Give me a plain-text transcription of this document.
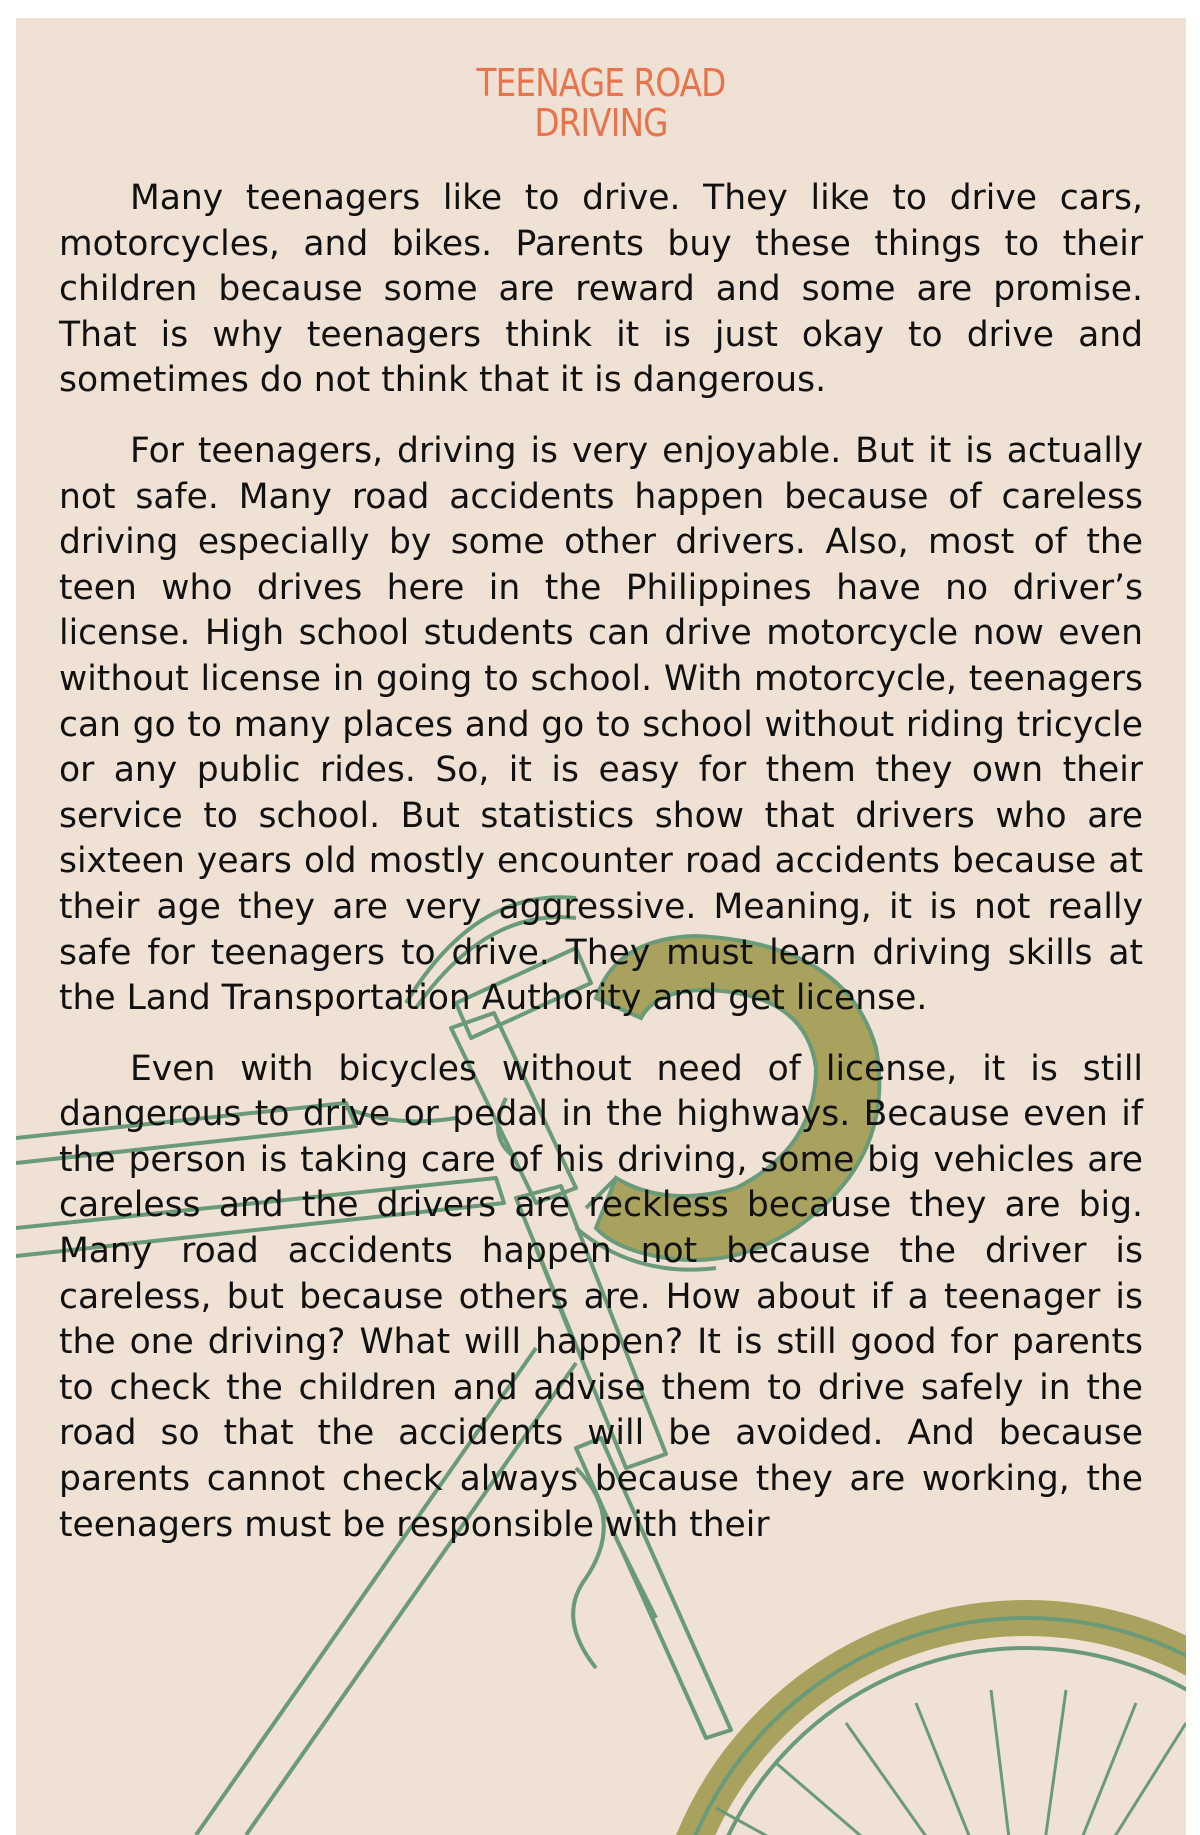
TEENAGE ROAD
DRIVING

Many teenagers like to drive. They like to drive cars, motorcycles, and bikes. Parents buy these things to their children because some are reward and some are promise. That is why teenagers think it is just okay to drive and sometimes do not think that it is dangerous.

For teenagers, driving is very enjoyable. But it is actually not safe. Many road accidents happen because of careless driving especially by some other drivers. Also, most of the teen who drives here in the Philippines have no driver’s license. High school students can drive motorcycle now even without license in going to school. With motorcycle, teenagers can go to many places and go to school without riding tricycle or any public rides. So, it is easy for them they own their service to school. But statistics show that drivers who are sixteen years old mostly encounter road accidents because at their age they are very aggressive. Meaning, it is not really safe for teenagers to drive. They must learn driving skills at the Land Transportation Authority and get license.

Even with bicycles without need of license, it is still dangerous to drive or pedal in the highways. Because even if the person is taking care of his driving, some big vehicles are careless and the drivers are reckless because they are big. Many road accidents happen not because the driver is careless, but because others are. How about if a teenager is the one driving? What will happen? It is still good for parents to check the children and advise them to drive safely in the road so that the accidents will be avoided. And because parents cannot check always because they are working, the teenagers must be responsible with their
